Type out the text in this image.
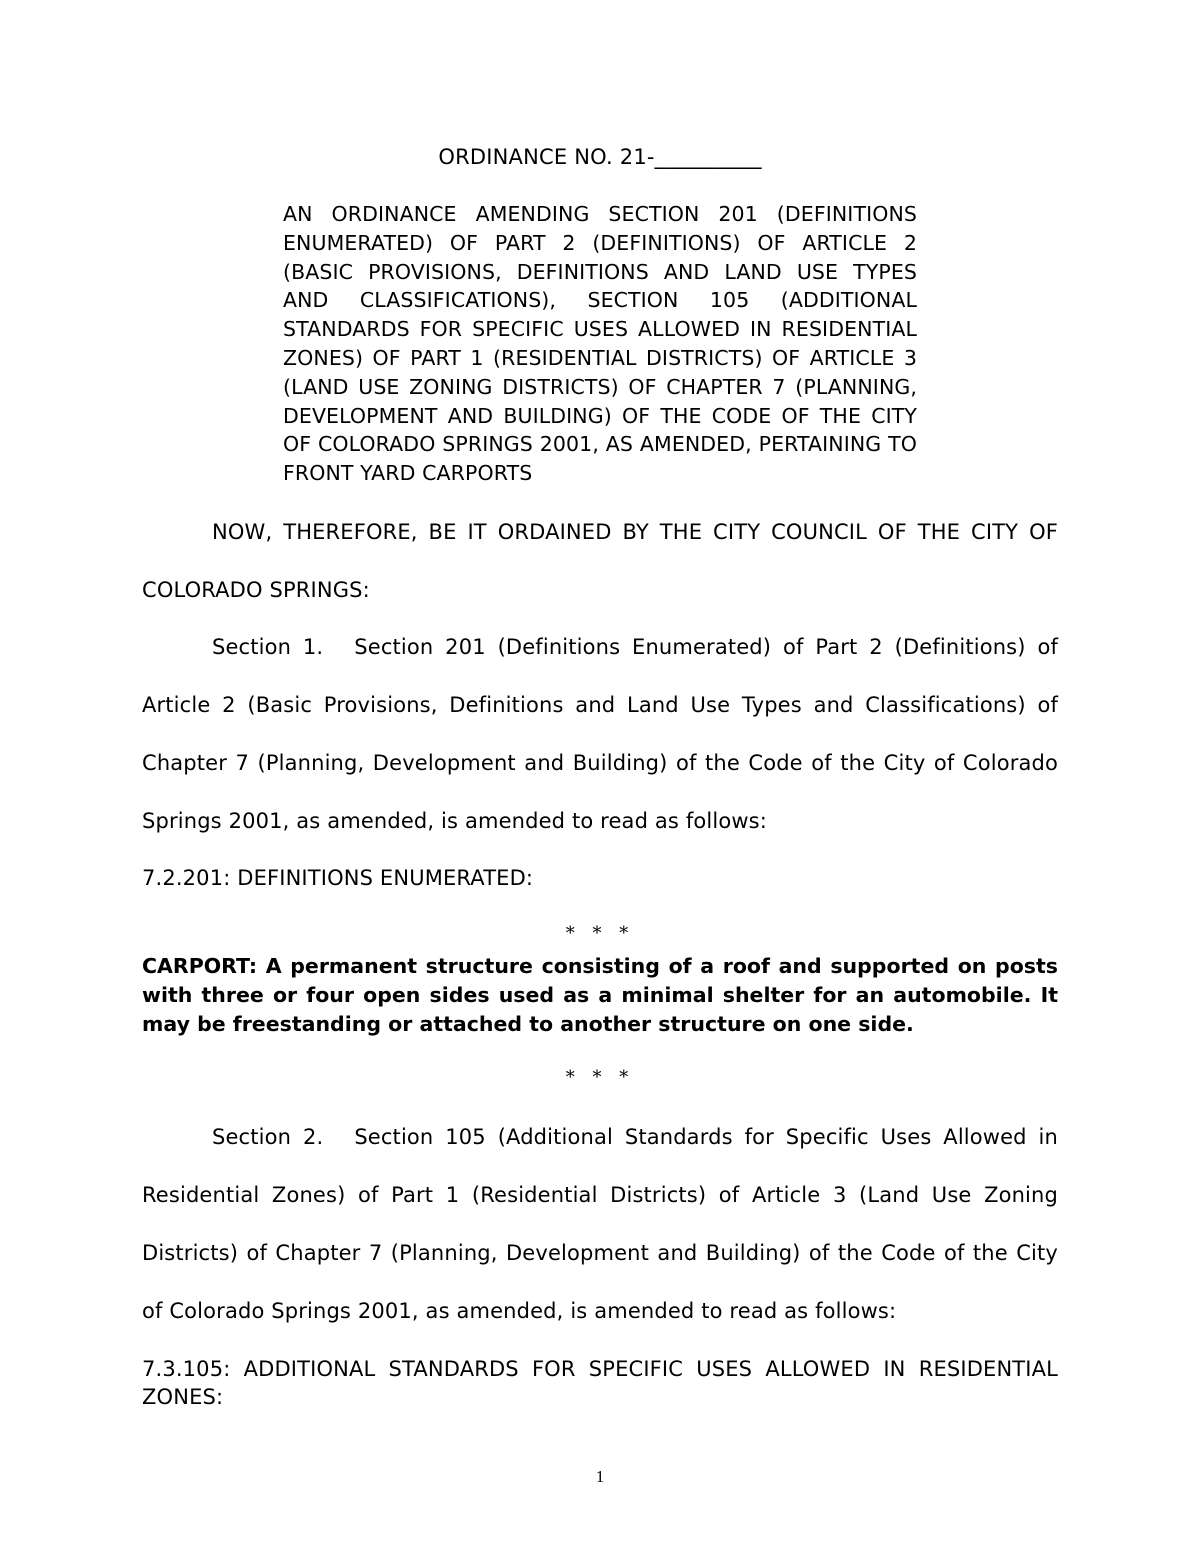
ORDINANCE NO. 21-__________
AN ORDINANCE AMENDING SECTION 201 (DEFINITIONS ENUMERATED) OF PART 2 (DEFINITIONS) OF ARTICLE 2 (BASIC PROVISIONS, DEFINITIONS AND LAND USE TYPES AND CLASSIFICATIONS), SECTION 105 (ADDITIONAL STANDARDS FOR SPECIFIC USES ALLOWED IN RESIDENTIAL ZONES) OF PART 1 (RESIDENTIAL DISTRICTS) OF ARTICLE 3 (LAND USE ZONING DISTRICTS) OF CHAPTER 7 (PLANNING, DEVELOPMENT AND BUILDING) OF THE CODE OF THE CITY OF COLORADO SPRINGS 2001, AS AMENDED, PERTAINING TO FRONT YARD CARPORTS

NOW, THEREFORE, BE IT ORDAINED BY THE CITY COUNCIL OF THE CITY OF COLORADO SPRINGS:

Section 1. Section 201 (Definitions Enumerated) of Part 2 (Definitions) of Article 2 (Basic Provisions, Definitions and Land Use Types and Classifications) of Chapter 7 (Planning, Development and Building) of the Code of the City of Colorado Springs 2001, as amended, is amended to read as follows:

7.2.201: DEFINITIONS ENUMERATED:
* * *
CARPORT: A permanent structure consisting of a roof and supported on posts with three or four open sides used as a minimal shelter for an automobile. It may be freestanding or attached to another structure on one side.
* * *

Section 2. Section 105 (Additional Standards for Specific Uses Allowed in Residential Zones) of Part 1 (Residential Districts) of Article 3 (Land Use Zoning Districts) of Chapter 7 (Planning, Development and Building) of the Code of the City of Colorado Springs 2001, as amended, is amended to read as follows:

7.3.105: ADDITIONAL STANDARDS FOR SPECIFIC USES ALLOWED IN RESIDENTIAL ZONES:
1
